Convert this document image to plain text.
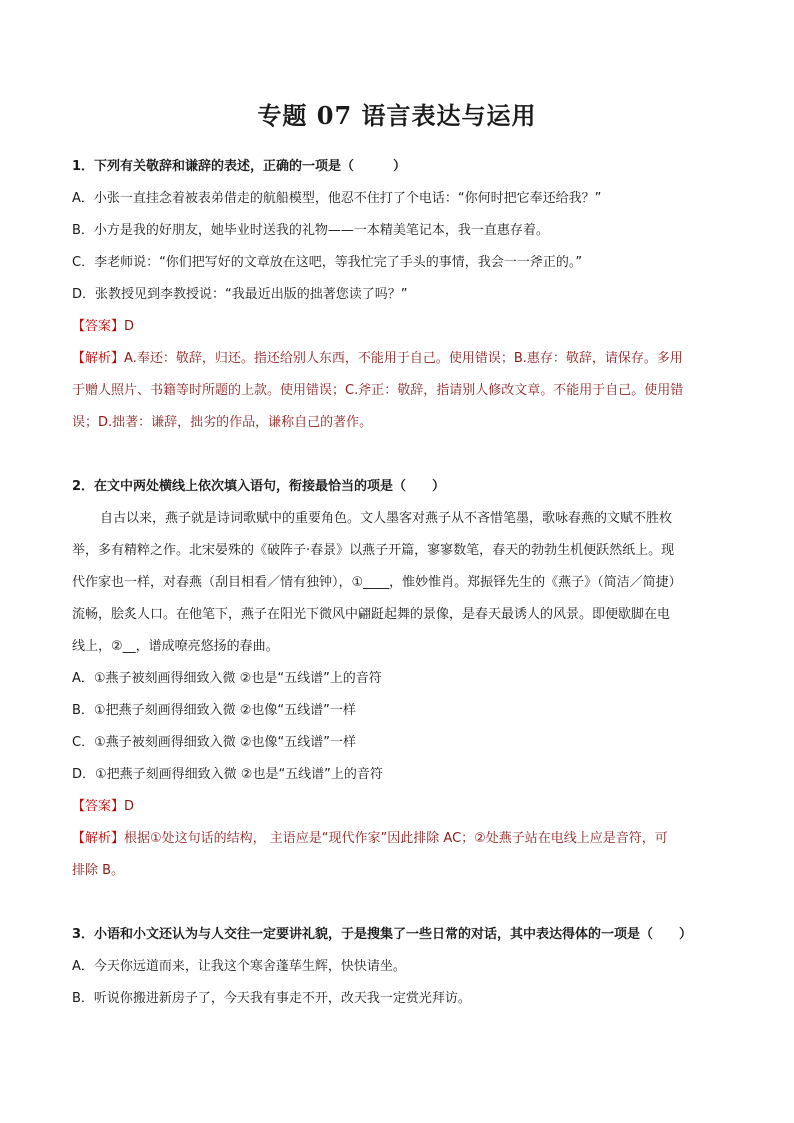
专题 07 语言表达与运用
1．下列有关敬辞和谦辞的表述，正确的一项是（　　　）
A．小张一直挂念着被表弟借走的航船模型，他忍不住打了个电话：“你何时把它奉还给我？”
B．小方是我的好朋友，她毕业时送我的礼物——一本精美笔记本，我一直惠存着。
C．李老师说：“你们把写好的文章放在这吧，等我忙完了手头的事情，我会一一斧正的。”
D．张教授见到李教授说：“我最近出版的拙著您读了吗？”
【答案】D
【解析】A.奉还：敬辞，归还。指还给别人东西，不能用于自己。使用错误；B.惠存：敬辞，请保存。多用
于赠人照片、书籍等时所题的上款。使用错误；C.斧正：敬辞，指请别人修改文章。不能用于自己。使用错
误；D.拙著：谦辞，拙劣的作品，谦称自己的著作。
2．在文中两处横线上依次填入语句，衔接最恰当的项是（　　）
自古以来，燕子就是诗词歌赋中的重要角色。文人墨客对燕子从不吝惜笔墨，歌咏春燕的文赋不胜枚
举，多有精粹之作。北宋晏殊的《破阵子·春景》以燕子开篇，寥寥数笔，春天的勃勃生机便跃然纸上。现
代作家也一样，对春燕（刮目相看／情有独钟），①____，惟妙惟肖。郑振铎先生的《燕子》（简洁／简捷）
流畅，脍炙人口。在他笔下，燕子在阳光下微风中翩跹起舞的景像，是春天最诱人的风景。即便歇脚在电
线上，②__，谱成嘹亮悠扬的春曲。
A．①燕子被刻画得细致入微 ②也是“五线谱”上的音符
B．①把燕子刻画得细致入微 ②也像“五线谱”一样
C．①燕子被刻画得细致入微 ②也像“五线谱”一样
D．①把燕子刻画得细致入微 ②也是“五线谱”上的音符
【答案】D
【解析】根据①处这句话的结构， 主语应是“现代作家”因此排除 AC；②处燕子站在电线上应是音符，可
排除 B。
3．小语和小文还认为与人交往一定要讲礼貌，于是搜集了一些日常的对话，其中表达得体的一项是（　　）
A．今天你远道而来，让我这个寒舍蓬荜生辉，快快请坐。
B．听说你搬进新房子了，今天我有事走不开，改天我一定赏光拜访。
